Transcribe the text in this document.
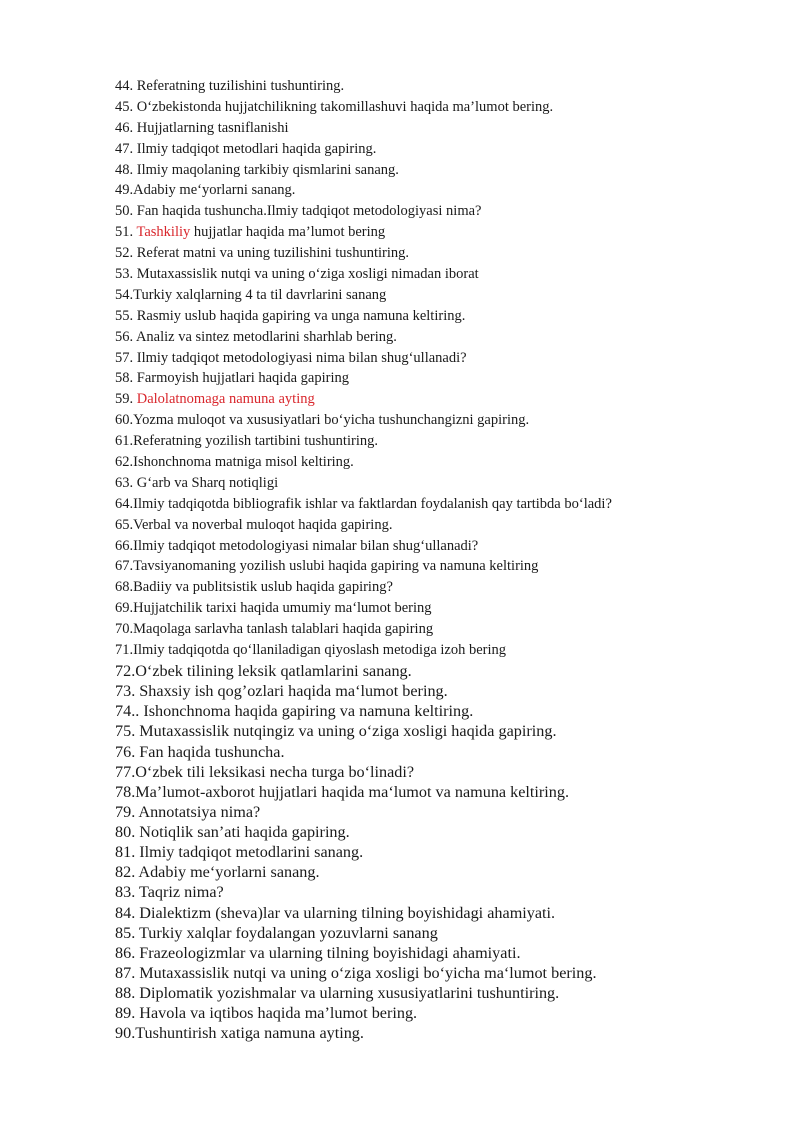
44. Referatning tuzilishini tushuntiring.
45. O‘zbekistonda hujjatchilikning takomillashuvi haqida ma’lumot bering.
46. Hujjatlarning tasniflanishi
47. Ilmiy tadqiqot metodlari haqida gapiring.
48. Ilmiy maqolaning tarkibiy qismlarini sanang.
49.Adabiy me‘yorlarni sanang.
50. Fan haqida tushuncha.Ilmiy tadqiqot metodologiyasi nima?
51. Tashkiliy hujjatlar haqida ma’lumot bering
52. Referat matni va uning tuzilishini tushuntiring.
53. Mutaxassislik nutqi va uning o‘ziga xosligi nimadan iborat
54.Turkiy xalqlarning 4 ta til davrlarini sanang
55. Rasmiy uslub haqida gapiring va unga namuna keltiring.
56. Analiz va sintez metodlarini sharhlab bering.
57. Ilmiy tadqiqot metodologiyasi nima bilan shug‘ullanadi?
58. Farmoyish hujjatlari haqida gapiring
59. Dalolatnomaga namuna ayting
60.Yozma muloqot va xususiyatlari bo‘yicha tushunchangizni gapiring.
61.Referatning yozilish tartibini tushuntiring.
62.Ishonchnoma matniga misol keltiring.
63. G‘arb va Sharq notiqligi
64.Ilmiy tadqiqotda bibliografik ishlar va faktlardan foydalanish qay tartibda bo‘ladi?
65.Verbal va noverbal muloqot haqida gapiring.
66.Ilmiy tadqiqot metodologiyasi nimalar bilan shug‘ullanadi?
67.Tavsiyanomaning yozilish uslubi haqida gapiring va namuna keltiring
68.Badiiy va publitsistik uslub haqida gapiring?
69.Hujjatchilik tarixi haqida umumiy ma‘lumot bering
70.Maqolaga sarlavha tanlash talablari haqida gapiring
71.Ilmiy tadqiqotda qo‘llaniladigan qiyoslash metodiga izoh bering
72.O‘zbek tilining leksik qatlamlarini sanang.
73. Shaxsiy ish qog’ozlari haqida ma‘lumot bering.
74.. Ishonchnoma haqida gapiring va namuna keltiring.
75. Mutaxassislik nutqingiz va uning o‘ziga xosligi haqida gapiring.
76. Fan haqida tushuncha.
77.O‘zbek tili leksikasi necha turga bo‘linadi?
78.Ma’lumot-axborot hujjatlari haqida ma‘lumot va namuna keltiring.
79. Annotatsiya nima?
80. Notiqlik san’ati haqida gapiring.
81. Ilmiy tadqiqot metodlarini sanang.
82. Adabiy me‘yorlarni sanang.
83. Taqriz nima?
84. Dialektizm (sheva)lar va ularning tilning boyishidagi ahamiyati.
85. Turkiy xalqlar foydalangan yozuvlarni sanang
86. Frazeologizmlar va ularning tilning boyishidagi ahamiyati.
87. Mutaxassislik nutqi va uning o‘ziga xosligi bo‘yicha ma‘lumot bering.
88. Diplomatik yozishmalar va ularning xususiyatlarini tushuntiring.
89. Havola va iqtibos haqida ma’lumot bering.
90.Tushuntirish xatiga namuna ayting.
